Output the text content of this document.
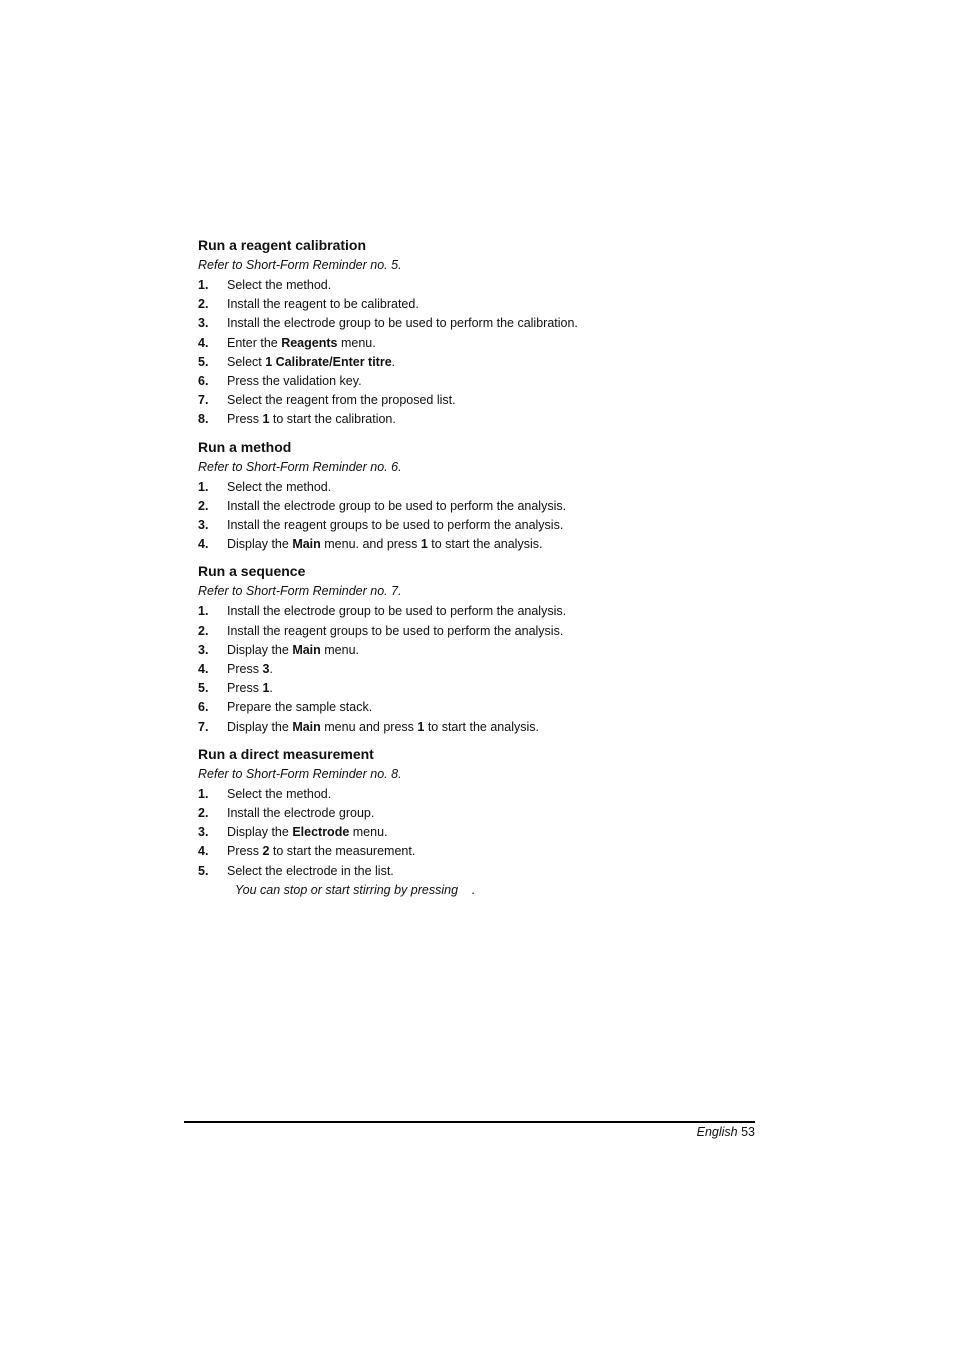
Run a reagent calibration
Refer to Short-Form Reminder no. 5.
1. Select the method.
2. Install the reagent to be calibrated.
3. Install the electrode group to be used to perform the calibration.
4. Enter the Reagents menu.
5. Select 1 Calibrate/Enter titre.
6. Press the validation key.
7. Select the reagent from the proposed list.
8. Press 1 to start the calibration.
Run a method
Refer to Short-Form Reminder no. 6.
1. Select the method.
2. Install the electrode group to be used to perform the analysis.
3. Install the reagent groups to be used to perform the analysis.
4. Display the Main menu. and press 1 to start the analysis.
Run a sequence
Refer to Short-Form Reminder no. 7.
1. Install the electrode group to be used to perform the analysis.
2. Install the reagent groups to be used to perform the analysis.
3. Display the Main menu.
4. Press 3.
5. Press 1.
6. Prepare the sample stack.
7. Display the Main menu and press 1 to start the analysis.
Run a direct measurement
Refer to Short-Form Reminder no. 8.
1. Select the method.
2. Install the electrode group.
3. Display the Electrode menu.
4. Press 2 to start the measurement.
5. Select the electrode in the list.
You can stop or start stirring by pressing    .
English 53
